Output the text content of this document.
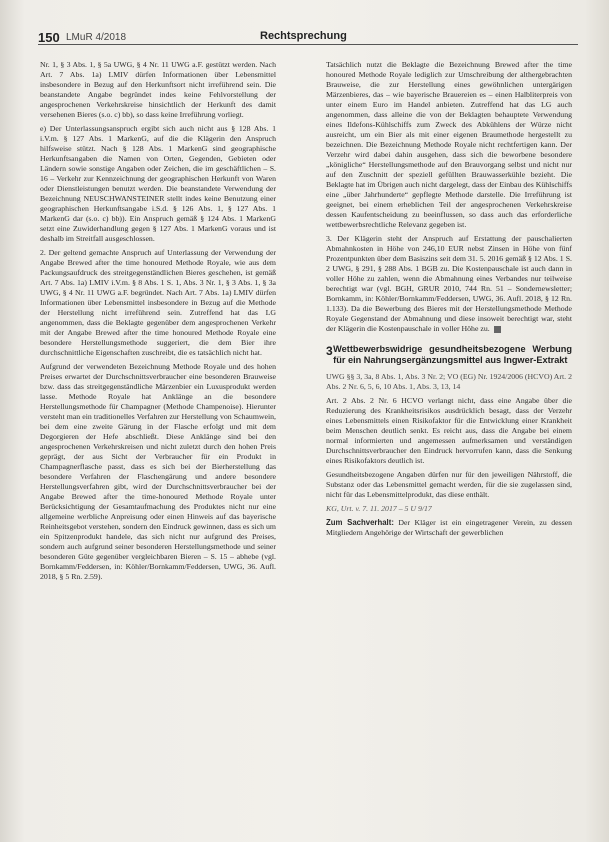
150 LMuR 4/2018	Rechtsprechung

Nr. 1, § 3 Abs. 1, § 5a UWG, § 4 Nr. 11 UWG a.F. gestützt werden. Nach Art. 7 Abs. 1a) LMIV dürfen Informationen über Lebensmittel insbesondere in Bezug auf den Herkunftsort nicht irreführend sein. Die beanstandete Angabe begründet indes keine Fehlvorstellung der angesprochenen Verkehrskreise hinsichtlich der Herkunft des damit versehenen Bieres (s.o. c) bb), so dass keine Irreführung vorliegt.

e) Der Unterlassungsanspruch ergibt sich auch nicht aus § 128 Abs. 1 i.V.m. § 127 Abs. 1 MarkenG, auf die die Klägerin den Anspruch hilfsweise stützt. Nach § 128 Abs. 1 MarkenG sind geographische Herkunftsangaben die Namen von Orten, Gegenden, Gebieten oder Ländern sowie sonstige Angaben oder Zeichen, die im geschäftlichen – S. 16 – Verkehr zur Kennzeichnung der geographischen Herkunft von Waren oder Dienstleistungen benutzt werden. Die beanstandete Verwendung der Bezeichnung NEUSCHWANSTEINER stellt indes keine Benutzung einer geographischen Herkunftsangabe i.S.d. § 126 Abs. 1, § 127 Abs. 1 MarkenG dar (s.o. c) bb)). Ein Anspruch gemäß § 124 Abs. 1 MarkenG setzt eine Zuwiderhandlung gegen § 127 Abs. 1 MarkenG voraus und ist deshalb im Streitfall ausgeschlossen.

2. Der geltend gemachte Anspruch auf Unterlassung der Verwendung der Angabe Brewed after the time honoured Methode Royale, wie aus dem Packungsaufdruck des streitgegenständlichen Bieres geschehen, ist gemäß Art. 7 Abs. 1a) LMIV i.V.m. § 8 Abs. 1 S. 1, Abs. 3 Nr. 1, § 3 Abs. 1, § 3a UWG, § 4 Nr. 11 UWG a.F. begründet. Nach Art. 7 Abs. 1a) LMIV dürfen Informationen über Lebensmittel insbesondere in Bezug auf die Methode der Herstellung nicht irreführend sein. Zutreffend hat das LG angenommen, dass die Beklagte gegenüber dem angesprochenen Verkehr mit der Angabe Brewed after the time honoured Methode Royale eine besondere Herstellungsmethode suggeriert, die dem Bier ihre durchschnittliche Eigenschaften zuschreibt, die es tatsächlich nicht hat.

Aufgrund der verwendeten Bezeichnung Methode Royale und des hohen Preises erwartet der Durchschnittsverbraucher eine besonderen Brauweise bzw. dass das streitgegenständliche Märzenbier ein Luxusprodukt werden lasse. Methode Royale hat Anklänge an die besondere Herstellungsmethode für Champagner (Methode Champenoise). Hierunter versteht man ein traditionelles Verfahren zur Herstellung von Schaumwein, bei dem eine zweite Gärung in der Flasche erfolgt und mit dem Degorgieren der Hefe abschließt. Diese Anklänge sind bei den angesprochenen Verkehrskreisen und nicht zuletzt durch den hohen Preis geprägt, der aus Sicht der Verbraucher für ein Produkt in Champagnerflasche passt, dass es sich bei der Bierherstellung das besondere Verfahren der Flaschengärung und andere besondere Herstellungsverfahren gibt, wird der Durchschnittsverbraucher bei der Angabe Brewed after the time-honoured Methode Royale unter Berücksichtigung der Gesamtaufmachung des Produktes nicht nur eine allgemeine werbliche Anpreisung oder einen Hinweis auf das bayerische Reinheitsgebot verstehen, sondern den Eindruck gewinnen, dass es sich um ein Spitzenprodukt handele, das sich nicht nur aufgrund des Preises, sondern auch aufgrund seiner besonderen Herstellungsmethode und seiner besonderen Güte gegenüber vergleichbaren Bieren – S. 15 – abhebe (vgl. Bornkamm/Feddersen, in: Köhler/Bornkamm/Feddersen, UWG, 36. Aufl. 2018, § 5 Rn. 2.59).

Tatsächlich nutzt die Beklagte die Bezeichnung Brewed after the time honoured Methode Royale lediglich zur Umschreibung der althergebrachten Brauweise, die zur Herstellung eines gewöhnlichen untergärigen Märzenbieres, das – wie bayerische Brauereien es – einen Halbliterpreis von unter einem Euro im Handel anbieten. Zutreffend hat das LG auch angenommen, dass alleine die von der Beklagten behauptete Verwendung eines Ildefons-Kühlschiffs zum Zweck des Abkühlens der Würze nicht ausreicht, um ein Bier als mit einer eigenen Braumethode hergestellt zu bezeichnen. Die Bezeichnung Methode Royale nicht rechtfertigen kann. Der Verzehr wird dabei dahin ausgehen, dass sich die beworbene besondere „königliche“ Herstellungsmethode auf den Brauvorgang selbst und nicht nur auf den Zuschnitt der speziell gefüllten Brauwasserkühle bezieht. Die Beklagte hat im Übrigen auch nicht dargelegt, dass der Einbau des Kühlschiffs eine „über Jahrhunderte“ gepflegte Methode darstelle. Die Irreführung ist geeignet, bei einem erheblichen Teil der angesprochenen Verkehrskreise dessen Kaufentscheidung zu beeinflussen, so dass auch das erforderliche wettbewerbsrechtliche Relevanz gegeben ist.

3. Der Klägerin steht der Anspruch auf Erstattung der pauschalierten Abmahnkosten in Höhe von 246,10 EUR nebst Zinsen in Höhe von fünf Prozentpunkten über dem Basiszins seit dem 31. 5. 2016 gemäß § 12 Abs. 1 S. 2 UWG, § 291, § 288 Abs. 1 BGB zu. Die Kostenpauschale ist auch dann in voller Höhe zu zahlen, wenn die Abmahnung eines Verbandes nur teilweise berechtigt war (vgl. BGH, GRUR 2010, 744 Rn. 51 – Sondernewsletter; Bornkamm, in: Köhler/Bornkamm/Feddersen, UWG, 36. Aufl. 2018, § 12 Rn. 1.133). Da die Bewerbung des Bieres mit der Herstellungsmethode Methode Royale Gegenstand der Abmahnung und diese insoweit berechtigt war, steht der Klägerin die Kostenpauschale in voller Höhe zu.

3 Wettbewerbswidrige gesundheitsbezogene Werbung für ein Nahrungsergänzungsmittel aus Ingwer-Extrakt

UWG §§ 3, 3a, 8 Abs. 1, Abs. 3 Nr. 2; VO (EG) Nr. 1924/2006 (HCVO) Art. 2 Abs. 2 Nr. 6, 5, 6, 10 Abs. 1, Abs. 3, 13, 14

Art. 2 Abs. 2 Nr. 6 HCVO verlangt nicht, dass eine Angabe über die Reduzierung des Krankheitsrisikos ausdrücklich besagt, dass der Verzehr eines Lebensmittels einen Risikofaktor für die Entwicklung einer Krankheit beim Menschen deutlich senkt. Es reicht aus, dass die Angabe bei einem normal informierten und angemessen aufmerksamen und verständigen Durchschnittsverbraucher den Eindruck hervorrufen kann, dass die Senkung eines Risikofaktors deutlich ist.

Gesundheitsbezogene Angaben dürfen nur für den jeweiligen Nährstoff, die Substanz oder das Lebensmittel gemacht werden, für die sie zugelassen sind, nicht für das Lebensmittelprodukt, das diese enthält.

KG, Urt. v. 7. 11. 2017 – 5 U 9/17

Zum Sachverhalt: Der Kläger ist ein eingetragener Verein, zu dessen Mitgliedern Angehörige der Wirtschaft der gewerblichen
